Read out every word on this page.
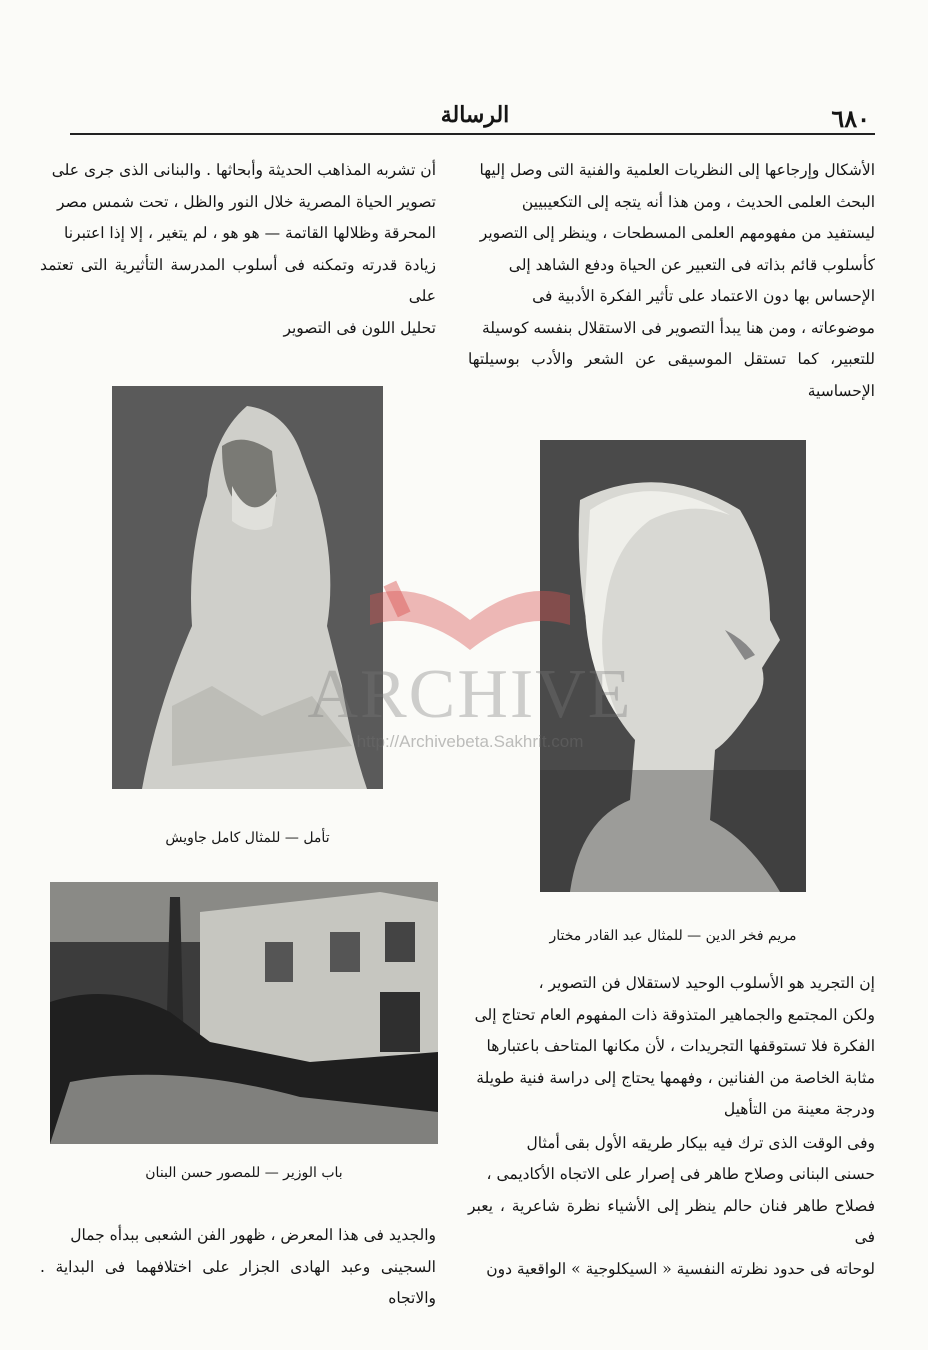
٦٨٠
الرسالة

الأشكال وإرجاعها إلى النظريات العلمية والفنية التى وصل إليها

البحث العلمى الحديث ، ومن هذا أنه يتجه إلى التكعيبيين

ليستفيد من مفهومهم العلمى المسطحات ، وينظر إلى التصوير

كأسلوب قائم بذاته فى التعبير عن الحياة ودفع الشاهد إلى

الإحساس بها دون الاعتماد على تأثير الفكرة الأدبية فى

موضوعاته ، ومن هنا يبدأ التصوير فى الاستقلال بنفسه كوسيلة

للتعبير، كما تستقل الموسيقى عن الشعر والأدب بوسيلتها الإحساسية

أن تشربه المذاهب الحديثة وأبحاثها . والبنانى الذى جرى على

تصوير الحياة المصرية خلال النور والظل ، تحت شمس مصر

المحرقة وظلالها القاتمة — هو هو ، لم يتغير ، إلا إذا اعتبرنا

زيادة قدرته وتمكنه فى أسلوب المدرسة التأثيرية التى تعتمد على

تحليل اللون فى التصوير

مريم فخر الدين — للمثال عبد القادر مختار
تأمل — للمثال كامل جاويش
باب الوزير — للمصور حسن البنان

إن التجريد هو الأسلوب الوحيد لاستقلال فن التصوير ،

ولكن المجتمع والجماهير المتذوقة ذات المفهوم العام تحتاج إلى

الفكرة فلا تستوقفها التجريدات ، لأن مكانها المتاحف باعتبارها

مثابة الخاصة من الفنانين ، وفهمها يحتاج إلى دراسة فنية طويلة

ودرجة معينة من التأهيل

وفى الوقت الذى ترك فيه بيكار طريقه الأول بقى أمثال

حسنى البنانى وصلاح طاهر فى إصرار على الاتجاه الأكاديمى ،

فصلاح طاهر فنان حالم ينظر إلى الأشياء نظرة شاعرية ، يعبر فى

لوحاته فى حدود نظرته النفسية « السيكلوجية » الواقعية دون

والجديد فى هذا المعرض ، ظهور الفن الشعبى ببدأه جمال

السجينى وعبد الهادى الجزار على اختلافهما فى البداية . والاتجاه

ARCHIVE
http://Archivebeta.Sakhrit.com
